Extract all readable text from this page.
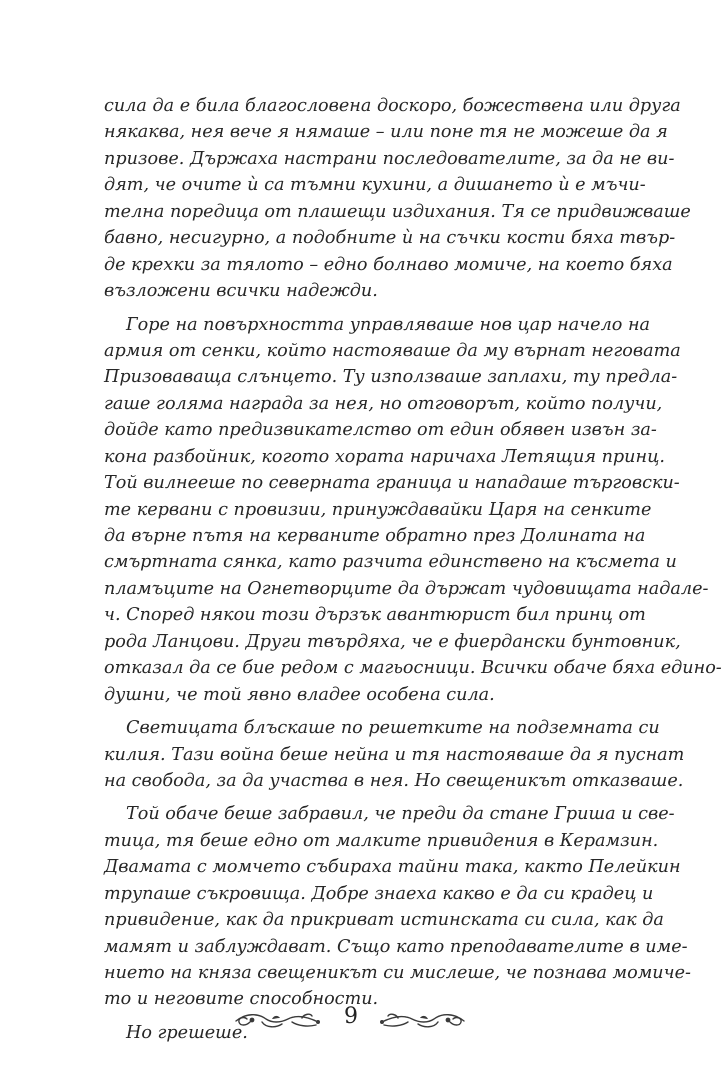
сила да е била благословена доскоро, божествена или друга
някаква, нея вече я нямаше – или поне тя не можеше да я
призове. Държаха настрани последователите, за да не ви-
дят, че очите ѝ са тъмни кухини, а дишането ѝ е мъчи-
телна поредица от плашещи издихания. Тя се придвижваше
бавно, несигурно, а подобните ѝ на съчки кости бяха твър-
де крехки за тялото – едно болнаво момиче, на което бяха
възложени всички надежди.
Горе на повърхността управляваше нов цар начело на
армия от сенки, който настояваше да му върнат неговата
Призоваваща слънцето. Ту използваше заплахи, ту предла-
гаше голяма награда за нея, но отговорът, който получи,
дойде като предизвикателство от един обявен извън за-
кона разбойник, когото хората наричаха Летящия принц.
Той вилнееше по северната граница и нападаше търговски-
те кервани с провизии, принуждавайки Царя на сенките
да върне пътя на керваните обратно през Долината на
смъртната сянка, като разчита единствено на късмета и
пламъците на Огнетворците да държат чудовищата надале-
ч. Според някои този дързък авантюрист бил принц от
рода Ланцови. Други твърдяха, че е фиердански бунтовник,
отказал да се бие редом с магьосници. Всички обаче бяха едино-
душни, че той явно владее особена сила.
Светицата блъскаше по решетките на подземната си
килия. Тази война беше нейна и тя настояваше да я пуснат
на свобода, за да участва в нея. Но свещеникът отказваше.
Той обаче беше забравил, че преди да стане Гриша и све-
тица, тя беше едно от малките привидения в Керамзин.
Двамата с момчето събираха тайни така, както Пелейкин
трупаше съкровища. Добре знаеха какво е да си крадец и
привидение, как да прикриват истинската си сила, как да
мамят и заблуждават. Също като преподавателите в име-
нието на княза свещеникът си мислеше, че познава момиче-
то и неговите способности.
Но грешеше.
9
